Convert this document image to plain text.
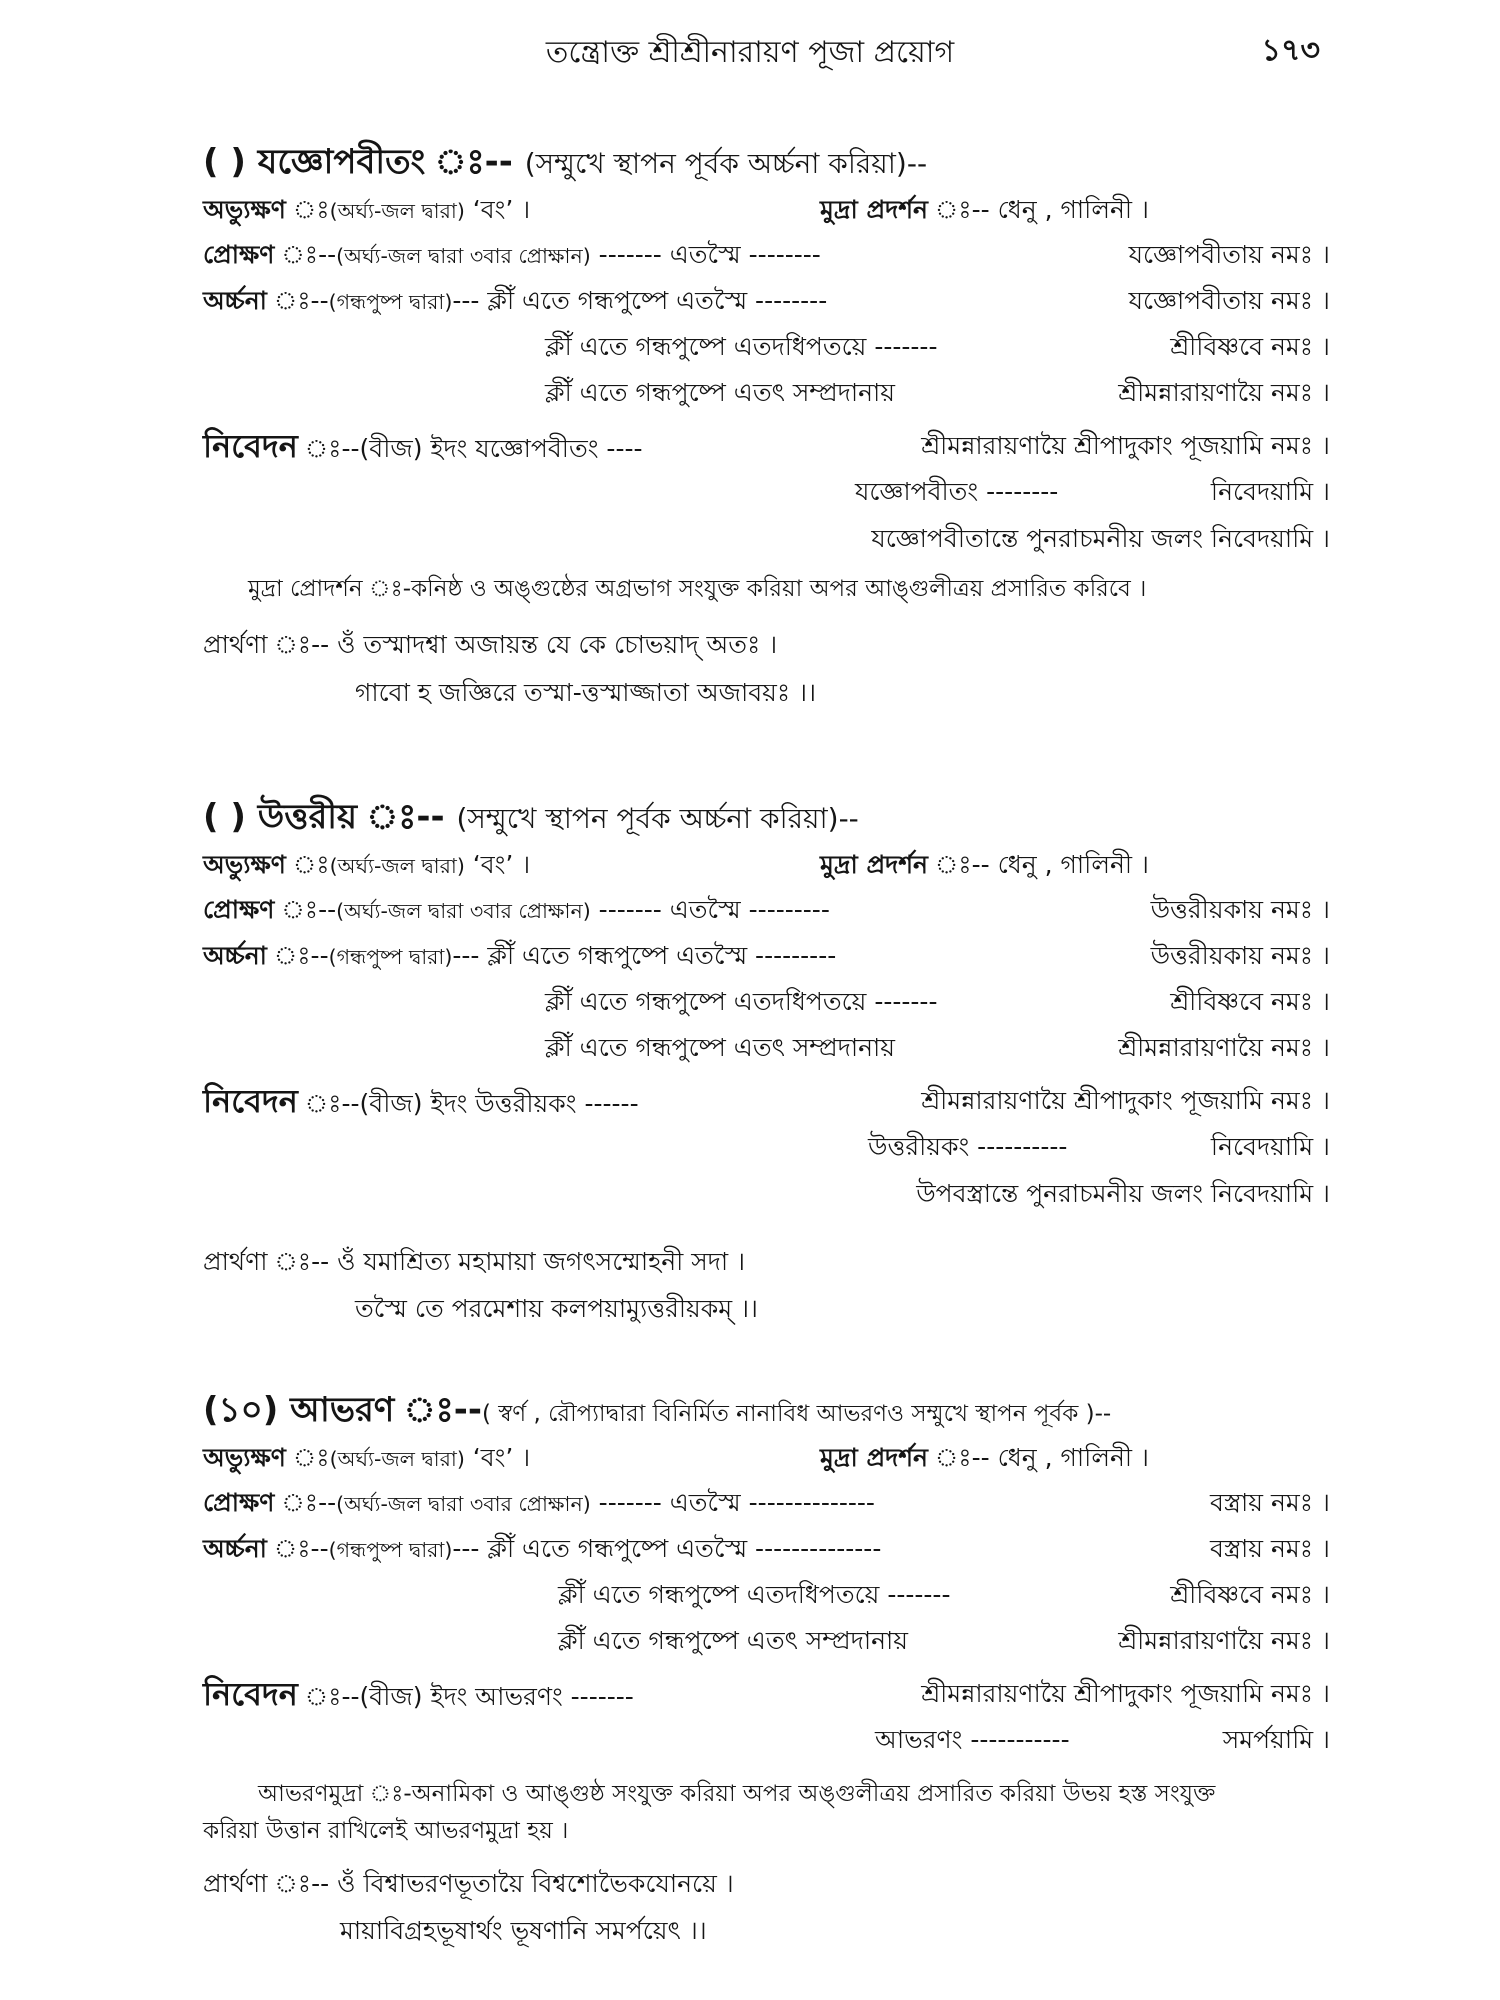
তন্ত্রোক্ত শ্রীশ্রীনারায়ণ পূজা প্রয়োগ	১৭৩
( ) যজ্ঞোপবীতং ঃ-- (সম্মুখে স্থাপন পূর্বক অর্চ্চনা করিয়া)--
অভ্যুক্ষণ ঃ(অর্ঘ্য-জল দ্বারা) ‘বং’ ।	মুদ্রা প্রদর্শন ঃ-- ধেনু , গালিনী ।
প্রোক্ষণ ঃ--(অর্ঘ্য-জল দ্বারা ৩বার প্রোক্ষান) ------- এতস্মৈ --------	যজ্ঞোপবীতায় নমঃ ।
অর্চ্চনা ঃ--(গন্ধপুষ্প দ্বারা)--- ক্লীঁ এতে গন্ধপুষ্পে এতস্মৈ --------	যজ্ঞোপবীতায় নমঃ ।
ক্লীঁ এতে গন্ধপুষ্পে এতদধিপতয়ে -------	শ্রীবিষ্ণবে নমঃ ।
ক্লীঁ এতে গন্ধপুষ্পে এতৎ সম্প্রদানায়	শ্রীমন্নারায়ণায়ৈ নমঃ ।
নিবেদন ঃ--(বীজ) ইদং যজ্ঞোপবীতং ----	শ্রীমন্নারায়ণায়ৈ শ্রীপাদুকাং পূজয়ামি নমঃ ।
যজ্ঞোপবীতং --------	নিবেদয়ামি ।
যজ্ঞোপবীতান্তে পুনরাচমনীয় জলং নিবেদয়ামি ।
মুদ্রা প্রোদর্শন ঃ-কনিষ্ঠ ও অঙ্গুষ্ঠের অগ্রভাগ সংযুক্ত করিয়া অপর আঙ্গুলীত্রয় প্রসারিত করিবে ।
প্রার্থণা ঃ-- ওঁ তস্মাদশ্বা অজায়ন্ত যে কে চোভয়াদ্ অতঃ ।
গাবো হ জজ্ঞিরে তস্মা-ত্তস্মাজ্জাতা অজাবয়ঃ ।।
( ) উত্তরীয় ঃ-- (সম্মুখে স্থাপন পূর্বক অর্চ্চনা করিয়া)--
অভ্যুক্ষণ ঃ(অর্ঘ্য-জল দ্বারা) ‘বং’ ।	মুদ্রা প্রদর্শন ঃ-- ধেনু , গালিনী ।
প্রোক্ষণ ঃ--(অর্ঘ্য-জল দ্বারা ৩বার প্রোক্ষান) ------- এতস্মৈ ---------	উত্তরীয়কায় নমঃ ।
অর্চ্চনা ঃ--(গন্ধপুষ্প দ্বারা)--- ক্লীঁ এতে গন্ধপুষ্পে এতস্মৈ ---------	উত্তরীয়কায় নমঃ ।
ক্লীঁ এতে গন্ধপুষ্পে এতদধিপতয়ে -------	শ্রীবিষ্ণবে নমঃ ।
ক্লীঁ এতে গন্ধপুষ্পে এতৎ সম্প্রদানায়	শ্রীমন্নারায়ণায়ৈ নমঃ ।
নিবেদন ঃ--(বীজ) ইদং উত্তরীয়কং ------	শ্রীমন্নারায়ণায়ৈ শ্রীপাদুকাং পূজয়ামি নমঃ ।
উত্তরীয়কং ----------	নিবেদয়ামি ।
উপবস্ত্রান্তে পুনরাচমনীয় জলং নিবেদয়ামি ।
প্রার্থণা ঃ-- ওঁ যমাশ্রিত্য মহামায়া জগৎসম্মোহনী সদা ।
তস্মৈ তে পরমেশায় কলপয়াম্যুত্তরীয়কম্ ।।
(১০) আভরণ ঃ--( স্বর্ণ , রৌপ্যাদ্বারা বিনির্মিত নানাবিধ আভরণও সম্মুখে স্থাপন পূর্বক )--
অভ্যুক্ষণ ঃ(অর্ঘ্য-জল দ্বারা) ‘বং’ ।	মুদ্রা প্রদর্শন ঃ-- ধেনু , গালিনী ।
প্রোক্ষণ ঃ--(অর্ঘ্য-জল দ্বারা ৩বার প্রোক্ষান) ------- এতস্মৈ --------------	বস্ত্রায় নমঃ ।
অর্চ্চনা ঃ--(গন্ধপুষ্প দ্বারা)--- ক্লীঁ এতে গন্ধপুষ্পে এতস্মৈ --------------	বস্ত্রায় নমঃ ।
ক্লীঁ এতে গন্ধপুষ্পে এতদধিপতয়ে -------	শ্রীবিষ্ণবে নমঃ ।
ক্লীঁ এতে গন্ধপুষ্পে এতৎ সম্প্রদানায়	শ্রীমন্নারায়ণায়ৈ নমঃ ।
নিবেদন ঃ--(বীজ) ইদং আভরণং -------	শ্রীমন্নারায়ণায়ৈ শ্রীপাদুকাং পূজয়ামি নমঃ ।
আভরণং -----------	সমর্পয়ামি ।
আভরণমুদ্রা ঃ-অনামিকা ও আঙ্গুষ্ঠ সংযুক্ত করিয়া অপর অঙ্গুলীত্রয় প্রসারিত করিয়া উভয় হস্ত সংযুক্ত
করিয়া উত্তান রাখিলেই আভরণমুদ্রা হয় ।
প্রার্থণা ঃ-- ওঁ বিশ্বাভরণভূতায়ৈ বিশ্বশোভৈকযোনয়ে ।
মায়াবিগ্রহভূষার্থং ভূষণানি সমর্পয়েৎ ।।
